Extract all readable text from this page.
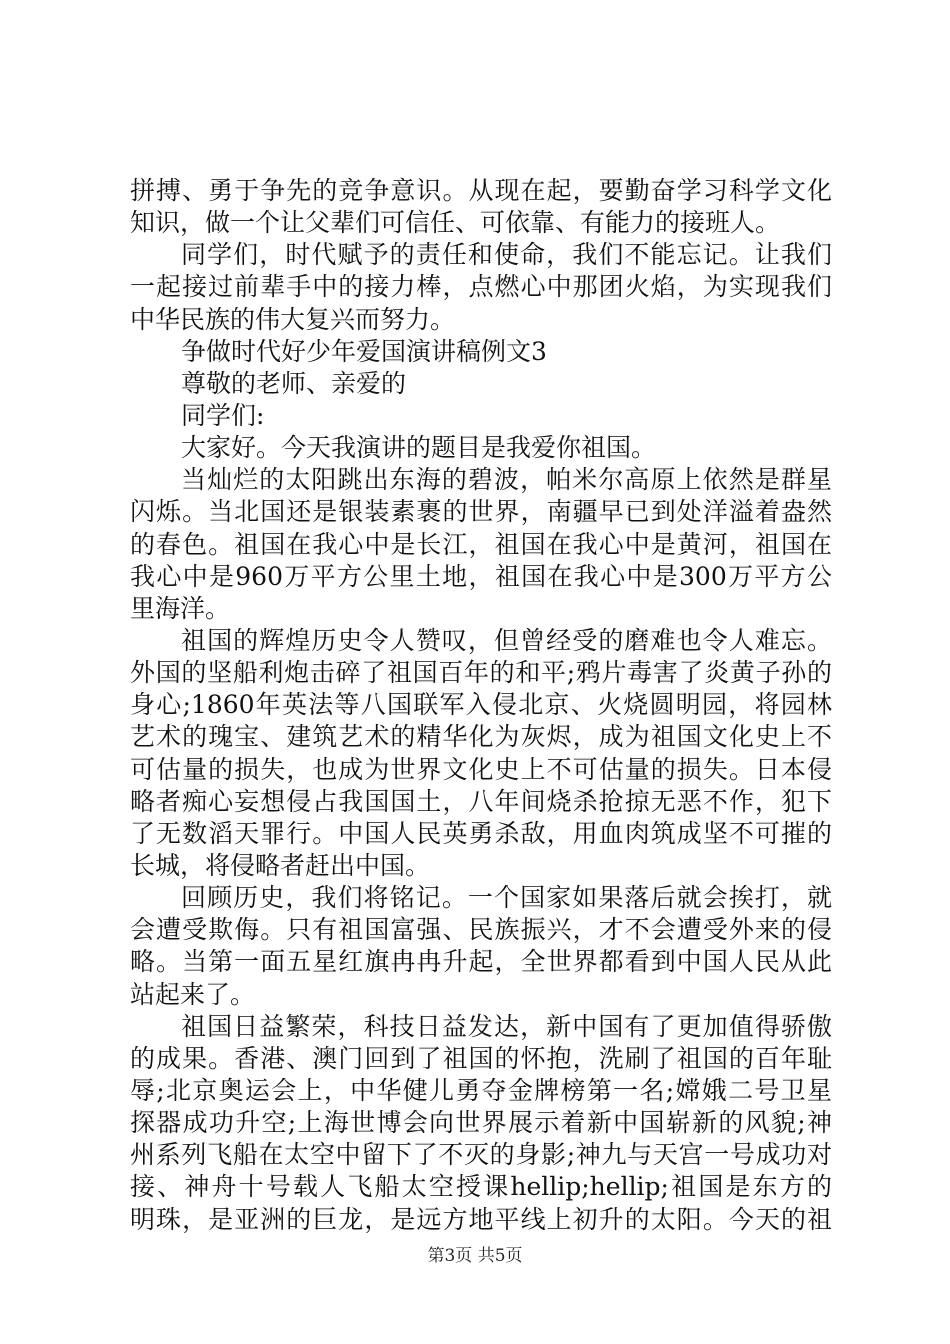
拼搏、勇于争先的竞争意识。从现在起，要勤奋学习科学文化
知识，做一个让父辈们可信任、可依靠、有能力的接班人。
同学们，时代赋予的责任和使命，我们不能忘记。让我们
一起接过前辈手中的接力棒，点燃心中那团火焰，为实现我们
中华民族的伟大复兴而努力。
争做时代好少年爱国演讲稿例文3
尊敬的老师、亲爱的
同学们:
大家好。今天我演讲的题目是我爱你祖国。
当灿烂的太阳跳出东海的碧波，帕米尔高原上依然是群星
闪烁。当北国还是银装素裹的世界，南疆早已到处洋溢着盎然
的春色。祖国在我心中是长江，祖国在我心中是黄河，祖国在
我心中是960万平方公里土地，祖国在我心中是300万平方公
里海洋。
祖国的辉煌历史令人赞叹，但曾经受的磨难也令人难忘。
外国的坚船利炮击碎了祖国百年的和平;鸦片毒害了炎黄子孙的
身心;1860年英法等八国联军入侵北京、火烧圆明园，将园林
艺术的瑰宝、建筑艺术的精华化为灰烬，成为祖国文化史上不
可估量的损失，也成为世界文化史上不可估量的损失。日本侵
略者痴心妄想侵占我国国土，八年间烧杀抢掠无恶不作，犯下
了无数滔天罪行。中国人民英勇杀敌，用血肉筑成坚不可摧的
长城，将侵略者赶出中国。
回顾历史，我们将铭记。一个国家如果落后就会挨打，就
会遭受欺侮。只有祖国富强、民族振兴，才不会遭受外来的侵
略。当第一面五星红旗冉冉升起，全世界都看到中国人民从此
站起来了。
祖国日益繁荣，科技日益发达，新中国有了更加值得骄傲
的成果。香港、澳门回到了祖国的怀抱，洗刷了祖国的百年耻
辱;北京奥运会上，中华健儿勇夺金牌榜第一名;嫦娥二号卫星
探器成功升空;上海世博会向世界展示着新中国崭新的风貌;神
州系列飞船在太空中留下了不灭的身影;神九与天宫一号成功对
接、神舟十号载人飞船太空授课hellip;hellip;祖国是东方的
明珠，是亚洲的巨龙，是远方地平线上初升的太阳。今天的祖
第3页 共5页
